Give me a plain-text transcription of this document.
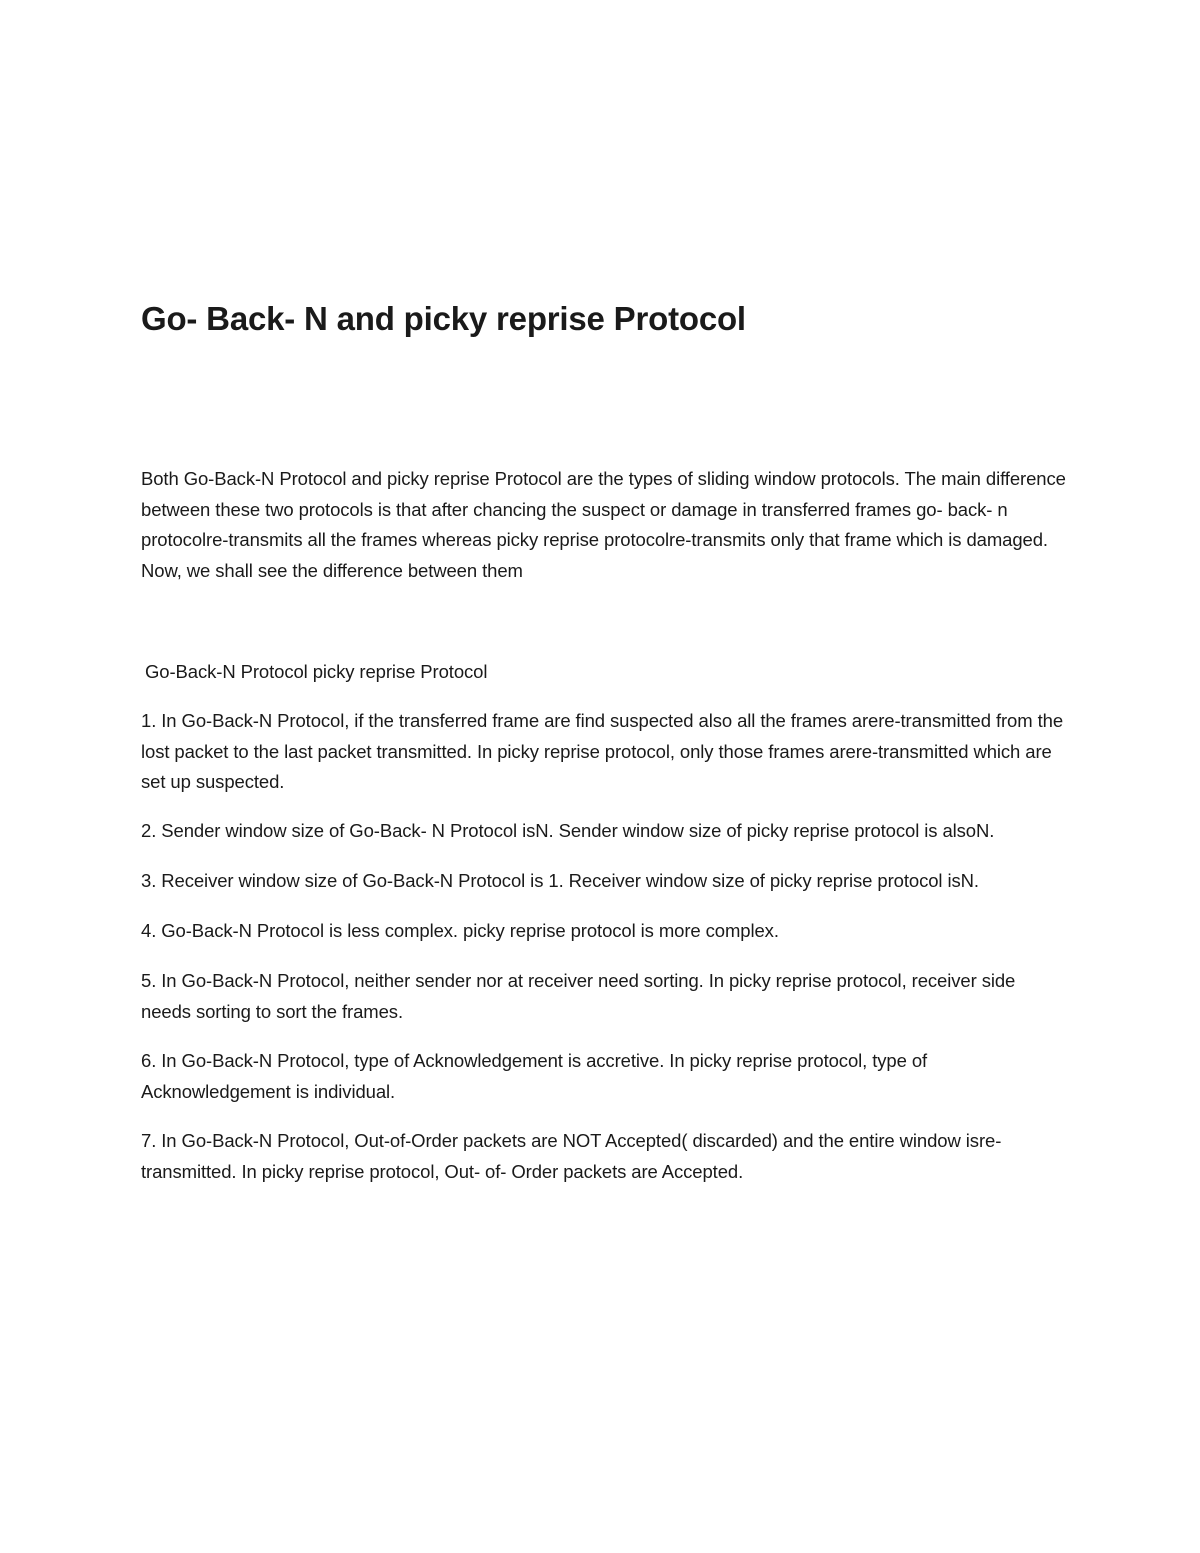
Go- Back- N and picky reprise Protocol

Both Go-Back-N Protocol and picky reprise Protocol are the types of sliding window protocols. The main difference between these two protocols is that after chancing the suspect or damage in transferred frames go- back- n protocolre-transmits all the frames whereas picky reprise protocolre-transmits only that frame which is damaged. Now, we shall see the difference between them

Go-Back-N Protocol picky reprise Protocol

1. In Go-Back-N Protocol, if the transferred frame are find suspected also all the frames arere-transmitted from the lost packet to the last packet transmitted. In picky reprise protocol, only those frames arere-transmitted which are set up suspected.

2. Sender window size of Go-Back- N Protocol isN. Sender window size of picky reprise protocol is alsoN.

3. Receiver window size of Go-Back-N Protocol is 1. Receiver window size of picky reprise protocol isN.

4. Go-Back-N Protocol is less complex. picky reprise protocol is more complex.

5. In Go-Back-N Protocol, neither sender nor at receiver need sorting. In picky reprise protocol, receiver side needs sorting to sort the frames.

6. In Go-Back-N Protocol, type of Acknowledgement is accretive. In picky reprise protocol, type of Acknowledgement is individual.

7. In Go-Back-N Protocol, Out-of-Order packets are NOT Accepted( discarded) and the entire window isre-transmitted. In picky reprise protocol, Out- of- Order packets are Accepted.
